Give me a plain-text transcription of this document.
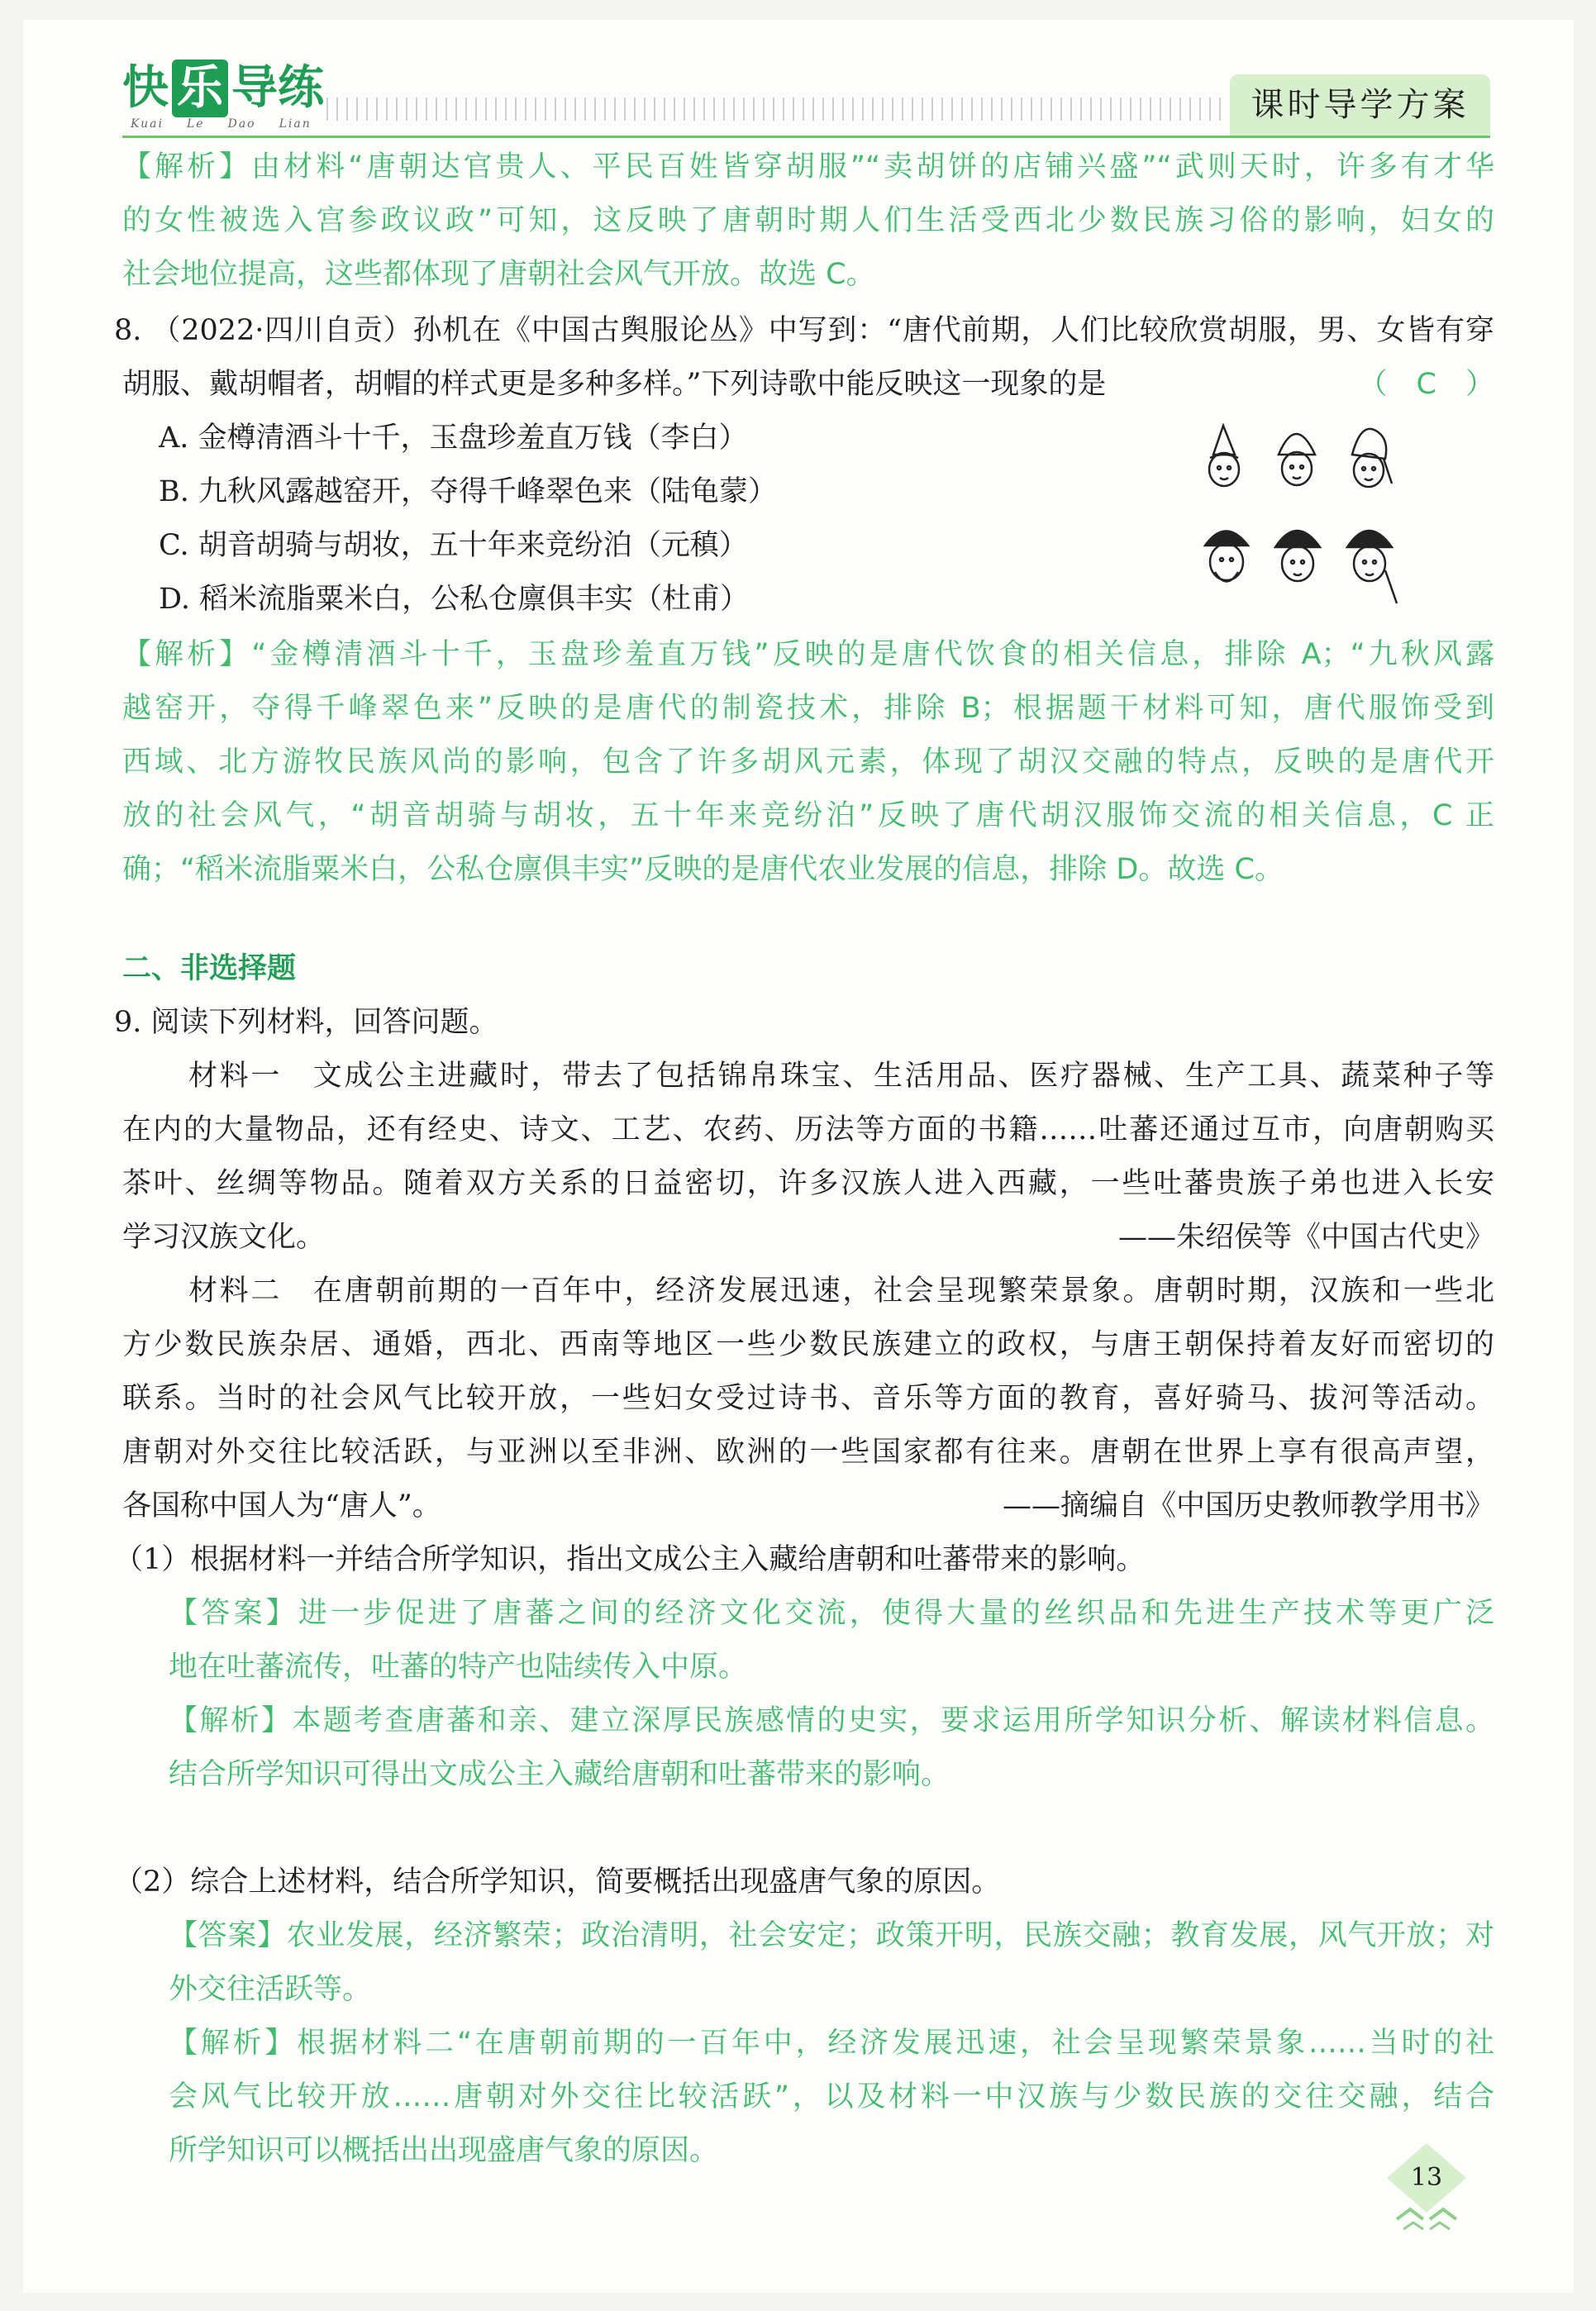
快 乐 导 练
Kuai Le Dao Lian	课时导学方案
【解析】由材料“唐朝达官贵人、平民百姓皆穿胡服”“卖胡饼的店铺兴盛”“武则天时，许多有才华
的女性被选入宫参政议政”可知，这反映了唐朝时期人们生活受西北少数民族习俗的影响，妇女的
社会地位提高，这些都体现了唐朝社会风气开放。故选 C。
8. （2022·四川自贡）孙机在《中国古舆服论丛》中写到：“唐代前期，人们比较欣赏胡服，男、女皆有穿
胡服、戴胡帽者，胡帽的样式更是多种多样。”下列诗歌中能反映这一现象的是	（　C　）
A. 金樽清酒斗十千，玉盘珍羞直万钱（李白）
B. 九秋风露越窑开，夺得千峰翠色来（陆龟蒙）
C. 胡音胡骑与胡妆，五十年来竞纷泊（元稹）
D. 稻米流脂粟米白，公私仓廪俱丰实（杜甫）
【解析】“金樽清酒斗十千，玉盘珍羞直万钱”反映的是唐代饮食的相关信息，排除 A；“九秋风露
越窑开，夺得千峰翠色来”反映的是唐代的制瓷技术，排除 B；根据题干材料可知，唐代服饰受到
西域、北方游牧民族风尚的影响，包含了许多胡风元素，体现了胡汉交融的特点，反映的是唐代开
放的社会风气，“胡音胡骑与胡妆，五十年来竞纷泊”反映了唐代胡汉服饰交流的相关信息，C 正
确；“稻米流脂粟米白，公私仓廪俱丰实”反映的是唐代农业发展的信息，排除 D。故选 C。
二、非选择题
9. 阅读下列材料，回答问题。
材料一　文成公主进藏时，带去了包括锦帛珠宝、生活用品、医疗器械、生产工具、蔬菜种子等
在内的大量物品，还有经史、诗文、工艺、农药、历法等方面的书籍……吐蕃还通过互市，向唐朝购买
茶叶、丝绸等物品。随着双方关系的日益密切，许多汉族人进入西藏，一些吐蕃贵族子弟也进入长安
学习汉族文化。	——朱绍侯等《中国古代史》
材料二　在唐朝前期的一百年中，经济发展迅速，社会呈现繁荣景象。唐朝时期，汉族和一些北
方少数民族杂居、通婚，西北、西南等地区一些少数民族建立的政权，与唐王朝保持着友好而密切的
联系。当时的社会风气比较开放，一些妇女受过诗书、音乐等方面的教育，喜好骑马、拔河等活动。
唐朝对外交往比较活跃，与亚洲以至非洲、欧洲的一些国家都有往来。唐朝在世界上享有很高声望，
各国称中国人为“唐人”。	——摘编自《中国历史教师教学用书》
（1）根据材料一并结合所学知识，指出文成公主入藏给唐朝和吐蕃带来的影响。
【答案】进一步促进了唐蕃之间的经济文化交流，使得大量的丝织品和先进生产技术等更广泛
地在吐蕃流传，吐蕃的特产也陆续传入中原。
【解析】本题考查唐蕃和亲、建立深厚民族感情的史实，要求运用所学知识分析、解读材料信息。
结合所学知识可得出文成公主入藏给唐朝和吐蕃带来的影响。
（2）综合上述材料，结合所学知识，简要概括出现盛唐气象的原因。
【答案】农业发展，经济繁荣；政治清明，社会安定；政策开明，民族交融；教育发展，风气开放；对
外交往活跃等。
【解析】根据材料二“在唐朝前期的一百年中，经济发展迅速，社会呈现繁荣景象……当时的社
会风气比较开放……唐朝对外交往比较活跃”，以及材料一中汉族与少数民族的交往交融，结合
所学知识可以概括出出现盛唐气象的原因。
13
